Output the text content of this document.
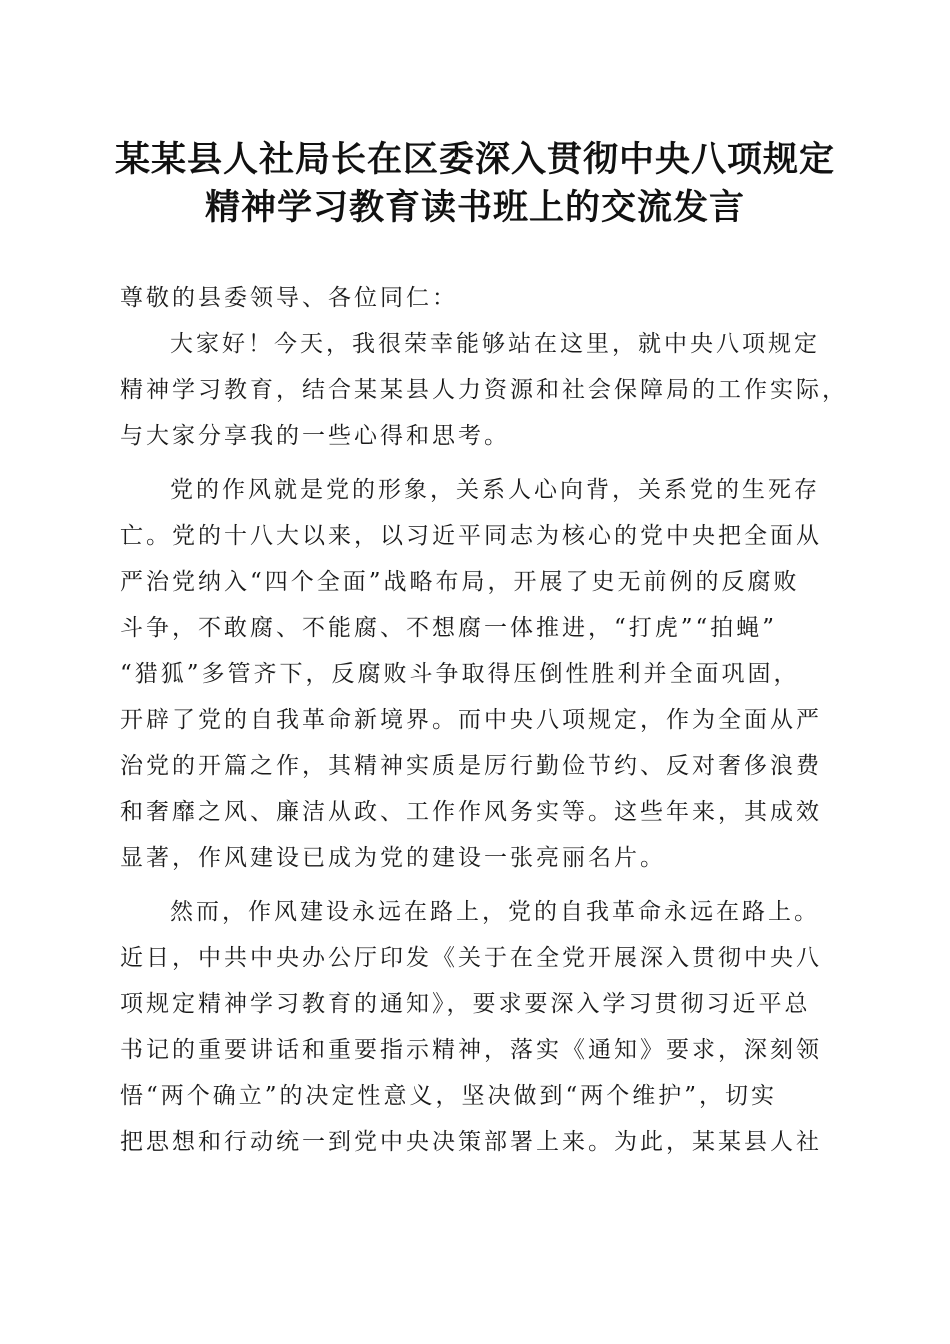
某某县人社局长在区委深入贯彻中央八项规定
精神学习教育读书班上的交流发言

尊敬的县委领导、各位同仁：

大家好！今天，我很荣幸能够站在这里，就中央八项规定

精神学习教育，结合某某县人力资源和社会保障局的工作实际，

与大家分享我的一些心得和思考。

党的作风就是党的形象，关系人心向背，关系党的生死存

亡。党的十八大以来，以习近平同志为核心的党中央把全面从

严治党纳入“四个全面”战略布局，开展了史无前例的反腐败

斗争，不敢腐、不能腐、不想腐一体推进，“打虎”“拍蝇”

“猎狐”多管齐下，反腐败斗争取得压倒性胜利并全面巩固，

开辟了党的自我革命新境界。而中央八项规定，作为全面从严

治党的开篇之作，其精神实质是厉行勤俭节约、反对奢侈浪费

和奢靡之风、廉洁从政、工作作风务实等。这些年来，其成效

显著，作风建设已成为党的建设一张亮丽名片。

然而，作风建设永远在路上，党的自我革命永远在路上。

近日，中共中央办公厅印发《关于在全党开展深入贯彻中央八

项规定精神学习教育的通知》，要求要深入学习贯彻习近平总

书记的重要讲话和重要指示精神，落实《通知》要求，深刻领

悟“两个确立”的决定性意义，坚决做到“两个维护”，切实

把思想和行动统一到党中央决策部署上来。为此，某某县人社
